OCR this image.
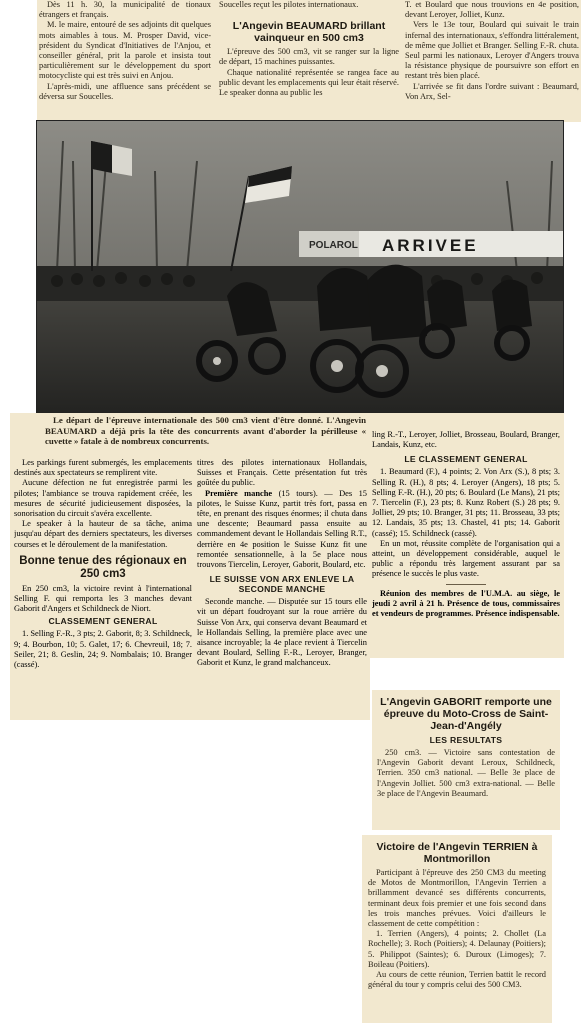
Dès 11 h. 30, la municipalité de tionaux étrangers et français.

M. le maire, entouré de ses adjoints dit quelques mots aimables à tous. M. Prosper David, vice-président du Syndicat d'Initiatives de l'Anjou, et conseiller général, prit la parole et insista tout particulièrement sur le développement du sport motocycliste qui est très suivi en Anjou.

L'après-midi, une affluence sans précédent se déversa sur Soucelles.

Soucelles reçut les pilotes internationaux.

L'Angevin BEAUMARD brillant vainqueur en 500 cm3

L'épreuve des 500 cm3, vit se ranger sur la ligne de départ, 15 machines puissantes.

Chaque nationalité représentée se rangea face au public devant les emplacements qui leur était réservé. Le speaker donna au public les

T. et Boulard que nous trouvions en 4e position, devant Leroyer, Jolliet, Kunz.

Vers le 13e tour, Boulard qui suivait le train infernal des internationaux, s'effondra littéralement, de même que Jolliet et Branger. Selling F.-R. chuta. Seul parmi les nationaux, Leroyer d'Angers trouva la résistance physique de poursuivre son effort en restant très bien placé.

L'arrivée se fit dans l'ordre suivant : Beaumard, Von Arx, Sel-

POLAROL ARRIVEE

Le départ de l'épreuve internationale des 500 cm3 vient d'être donné. L'Angevin BEAUMARD a déjà pris la tête des concurrents avant d'aborder la périlleuse « cuvette » fatale à de nombreux concurrents.

Les parkings furent submergés, les emplacements destinés aux spectateurs se remplirent vite.

Aucune défection ne fut enregistrée parmi les pilotes; l'ambiance se trouva rapidement créée, les mesures de sécurité judicieusement disposées, la sonorisation du circuit s'avéra excellente.

Le speaker à la hauteur de sa tâche, anima jusqu'au départ des derniers spectateurs, les diverses courses et le déroulement de la manifestation.

Bonne tenue des régionaux en 250 cm3

En 250 cm3, la victoire revint à l'international Selling F. qui remporta les 3 manches devant Gaborit d'Angers et Schildneck de Niort.

CLASSEMENT GENERAL

1. Selling F.-R., 3 pts; 2. Gaborit, 8; 3. Schildneck, 9; 4. Bourbon, 10; 5. Galet, 17; 6. Chevreuil, 18; 7. Seiler, 21; 8. Geslin, 24; 9. Nombalais; 10. Branger (cassé).

titres des pilotes internationaux Hollandais, Suisses et Français. Cette présentation fut très goûtée du public.

Première manche (15 tours). — Des 15 pilotes, le Suisse Kunz, partit très fort, passa en tête, en prenant des risques énormes; il chuta dans une descente; Beaumard passa ensuite au commandement devant le Hollandais Selling R.T., derrière en 4e position le Suisse Kunz fit une remontée sensationnelle, à la 5e place nous trouvons Tiercelin, Leroyer, Gaborit, Boulard, etc.

LE SUISSE VON ARX ENLEVE LA SECONDE MANCHE

Seconde manche. — Disputée sur 15 tours elle vit un départ foudroyant sur la roue arrière du Suisse Von Arx, qui conserva devant Beaumard et le Hollandais Selling, la première place avec une aisance incroyable; la 4e place revient à Tiercelin devant Boulard, Selling F.-R., Leroyer, Branger, Gaborit et Kunz, le grand malchanceux.

ling R.-T., Leroyer, Jolliet, Brosseau, Boulard, Branger, Landais, Kunz, etc.

LE CLASSEMENT GENERAL

1. Beaumard (F.), 4 points; 2. Von Arx (S.), 8 pts; 3. Selling R. (H.), 8 pts; 4. Leroyer (Angers), 18 pts; 5. Selling F.-R. (H.), 20 pts; 6. Boulard (Le Mans), 21 pts; 7. Tiercelin (F.), 23 pts; 8. Kunz Robert (S.) 28 pts; 9. Jolliet, 29 pts; 10. Branger, 31 pts; 11. Brosseau, 33 pts; 12. Landais, 35 pts; 13. Chastel, 41 pts; 14. Gaborit (cassé); 15. Schildneck (cassé).

En un mot, réussite complète de l'organisation qui a atteint, un développement considérable, auquel le public a répondu très largement assurant par sa présence le succès le plus vaste.

Réunion des membres de l'U.M.A. au siège, le jeudi 2 avril à 21 h. Présence de tous, commissaires et vendeurs de programmes. Présence indispensable.

L'Angevin GABORIT remporte une épreuve du Moto-Cross de Saint-Jean-d'Angély
LES RESULTATS

250 cm3. — Victoire sans contestation de l'Angevin Gaborit devant Leroux, Schildneck, Terrien. 350 cm3 national. — Belle 3e place de l'Angevin Jolliet. 500 cm3 extra-national. — Belle 3e place de l'Angevin Beaumard.

Victoire de l'Angevin TERRIEN à Montmorillon

Participant à l'épreuve des 250 CM3 du meeting de Motos de Montmorillon, l'Angevin Terrien a brillamment devancé ses différents concurrents, terminant deux fois premier et une fois second dans les trois manches prévues. Voici d'ailleurs le classement de cette compétition :

1. Terrien (Angers), 4 points; 2. Chollet (La Rochelle); 3. Roch (Poitiers); 4. Delaunay (Poitiers); 5. Philippot (Saintes); 6. Duroux (Limoges); 7. Boileau (Poitiers).

Au cours de cette réunion, Terrien battit le record général du tour y compris celui des 500 CM3.
